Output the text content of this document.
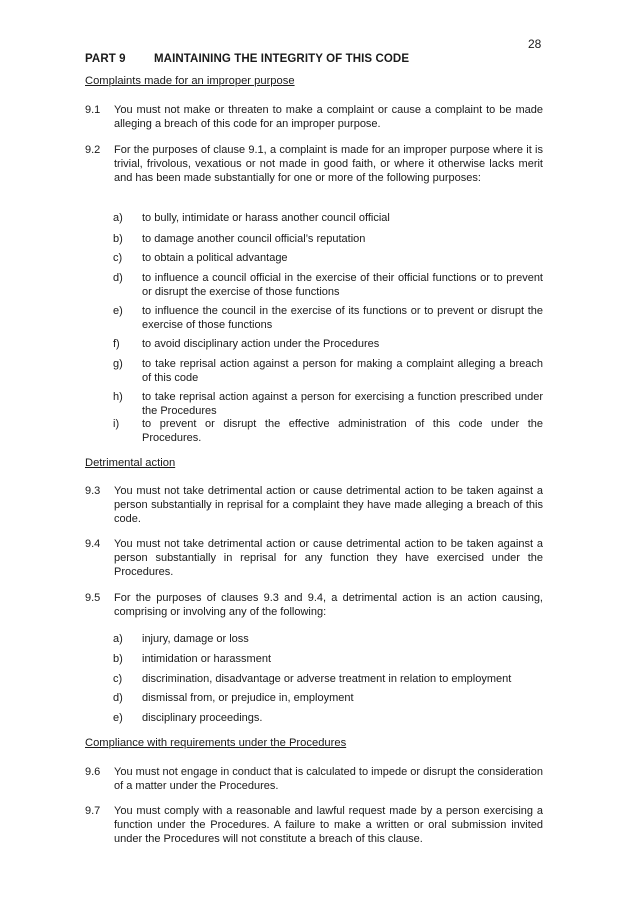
28
PART 9 MAINTAINING THE INTEGRITY OF THIS CODE
Complaints made for an improper purpose
9.1	You must not make or threaten to make a complaint or cause a complaint to be made alleging a breach of this code for an improper purpose.
9.2	For the purposes of clause 9.1, a complaint is made for an improper purpose where it is trivial, frivolous, vexatious or not made in good faith, or where it otherwise lacks merit and has been made substantially for one or more of the following purposes:
a)	to bully, intimidate or harass another council official
b)	to damage another council official’s reputation
c)	to obtain a political advantage
d)	to influence a council official in the exercise of their official functions or to prevent or disrupt the exercise of those functions
e)	to influence the council in the exercise of its functions or to prevent or disrupt the exercise of those functions
f)	to avoid disciplinary action under the Procedures
g)	to take reprisal action against a person for making a complaint alleging a breach of this code
h)	to take reprisal action against a person for exercising a function prescribed under the Procedures
i)	to prevent or disrupt the effective administration of this code under the Procedures.
Detrimental action
9.3	You must not take detrimental action or cause detrimental action to be taken against a person substantially in reprisal for a complaint they have made alleging a breach of this code.
9.4	You must not take detrimental action or cause detrimental action to be taken against a person substantially in reprisal for any function they have exercised under the Procedures.
9.5	For the purposes of clauses 9.3 and 9.4, a detrimental action is an action causing, comprising or involving any of the following:
a)	injury, damage or loss
b)	intimidation or harassment
c)	discrimination, disadvantage or adverse treatment in relation to employment
d)	dismissal from, or prejudice in, employment
e)	disciplinary proceedings.
Compliance with requirements under the Procedures
9.6	You must not engage in conduct that is calculated to impede or disrupt the consideration of a matter under the Procedures.
9.7	You must comply with a reasonable and lawful request made by a person exercising a function under the Procedures. A failure to make a written or oral submission invited under the Procedures will not constitute a breach of this clause.
